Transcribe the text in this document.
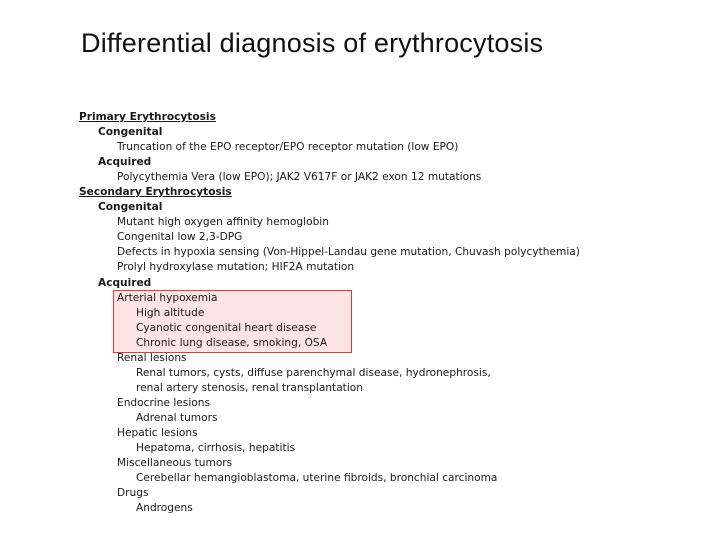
Differential diagnosis of erythrocytosis
Primary Erythrocytosis
Congenital
Truncation of the EPO receptor/EPO receptor mutation (low EPO)
Acquired
Polycythemia Vera (low EPO); JAK2 V617F or JAK2 exon 12 mutations
Secondary Erythrocytosis
Congenital
Mutant high oxygen affinity hemoglobin
Congenital low 2,3-DPG
Defects in hypoxia sensing (Von-Hippel-Landau gene mutation, Chuvash polycythemia)
Prolyl hydroxylase mutation; HIF2A mutation
Acquired
Arterial hypoxemia
High altitude
Cyanotic congenital heart disease
Chronic lung disease, smoking, OSA
Renal lesions
Renal tumors, cysts, diffuse parenchymal disease, hydronephrosis,
renal artery stenosis, renal transplantation
Endocrine lesions
Adrenal tumors
Hepatic lesions
Hepatoma, cirrhosis, hepatitis
Miscellaneous tumors
Cerebellar hemangioblastoma, uterine fibroids, bronchial carcinoma
Drugs
Androgens
